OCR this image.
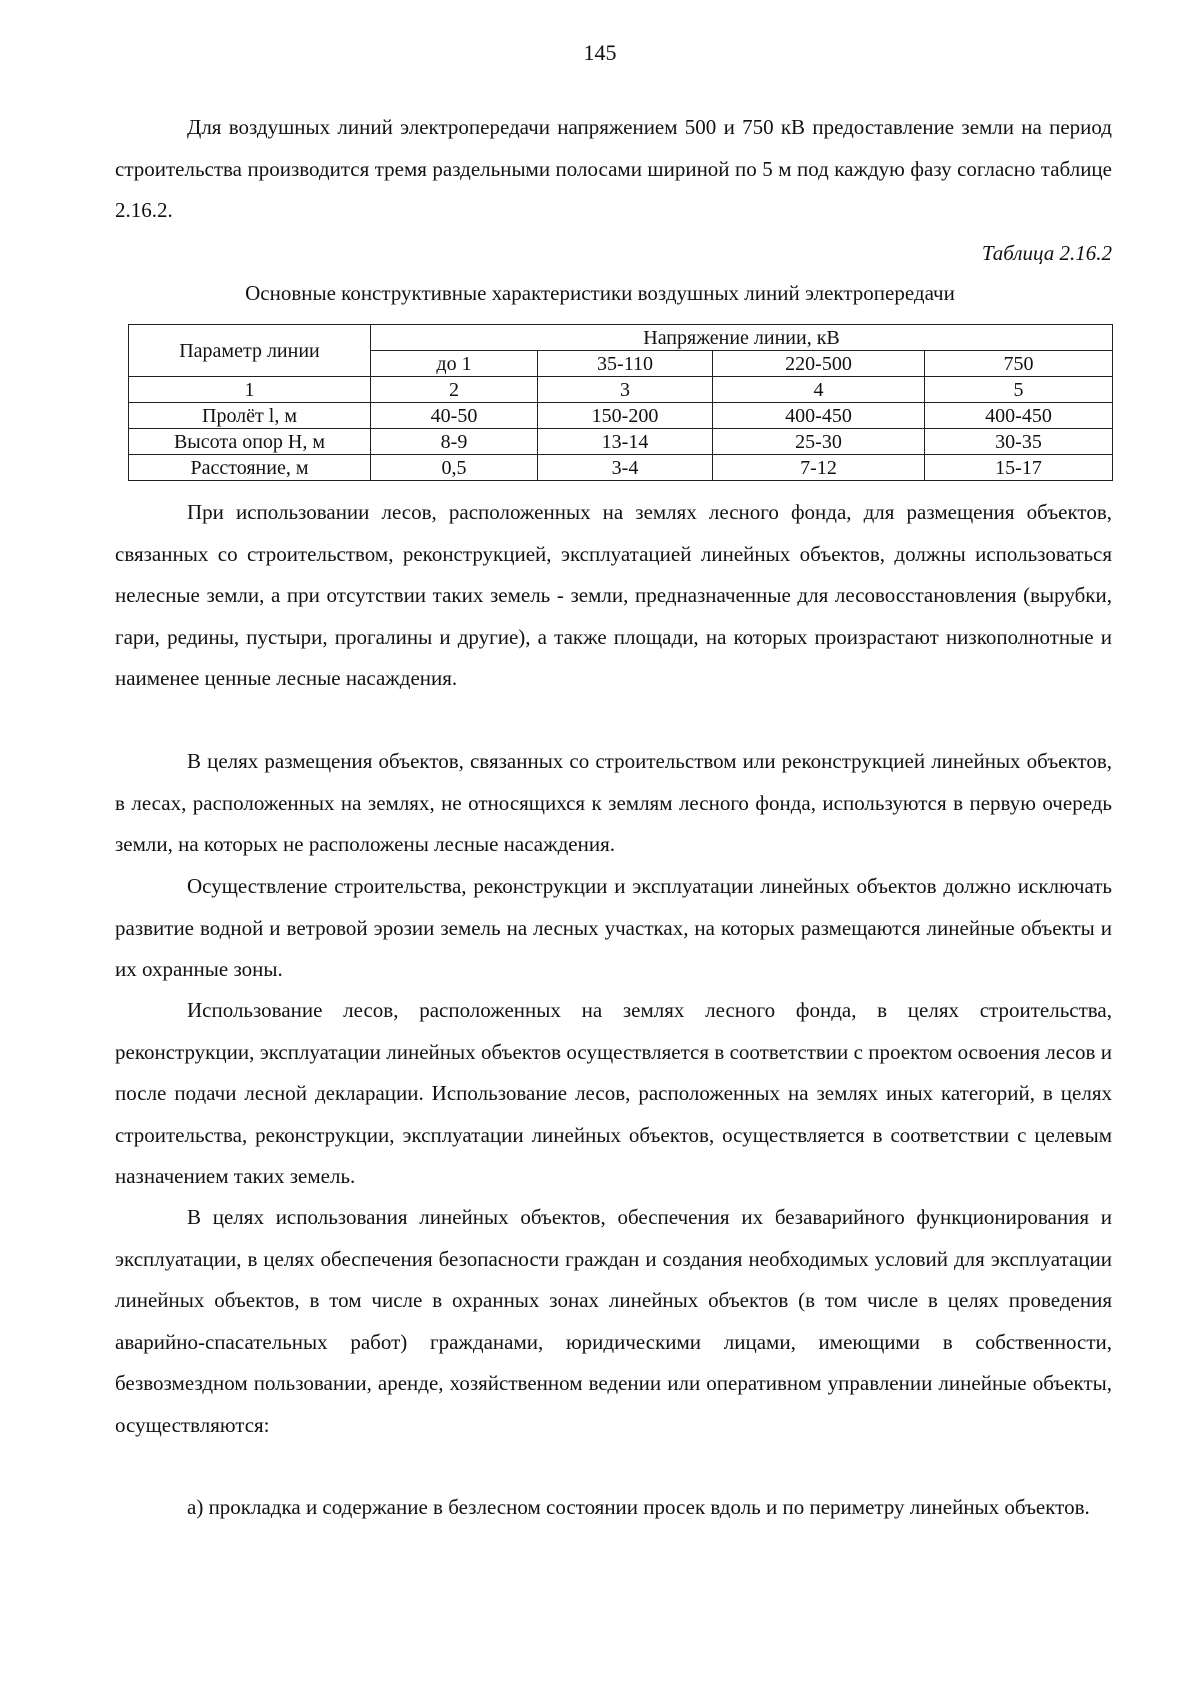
145

Для воздушных линий электропередачи напряжением 500 и 750 кВ предоставление земли на период строительства производится тремя раздельными полосами шириной по 5 м под каждую фазу согласно таблице 2.16.2.

Таблица 2.16.2
Основные конструктивные характеристики воздушных линий электропередачи
Параметр линии	Напряжение линии, кВ			
	до 1	35-110	220-500	750
1	2	3	4	5
Пролёт l, м	40-50	150-200	400-450	400-450
Высота опор H, м	8-9	13-14	25-30	30-35
Расстояние, м	0,5	3-4	7-12	15-17

При использовании лесов, расположенных на землях лесного фонда, для размещения объектов, связанных со строительством, реконструкцией, эксплуатацией линейных объектов, должны использоваться нелесные земли, а при отсутствии таких земель - земли, предназначенные для лесовосстановления (вырубки, гари, редины, пустыри, прогалины и другие), а также площади, на которых произрастают низкополнотные и наименее ценные лесные насаждения.

В целях размещения объектов, связанных со строительством или реконструкцией линейных объектов, в лесах, расположенных на землях, не относящихся к землям лесного фонда, используются в первую очередь земли, на которых не расположены лесные насаждения.

Осуществление строительства, реконструкции и эксплуатации линейных объектов должно исключать развитие водной и ветровой эрозии земель на лесных участках, на которых размещаются линейные объекты и их охранные зоны.

Использование лесов, расположенных на землях лесного фонда, в целях строительства, реконструкции, эксплуатации линейных объектов осуществляется в соответствии с проектом освоения лесов и после подачи лесной декларации. Использование лесов, расположенных на землях иных категорий, в целях строительства, реконструкции, эксплуатации линейных объектов, осуществляется в соответствии с целевым назначением таких земель.

В целях использования линейных объектов, обеспечения их безаварийного функционирования и эксплуатации, в целях обеспечения безопасности граждан и создания необходимых условий для эксплуатации линейных объектов, в том числе в охранных зонах линейных объектов (в том числе в целях проведения аварийно-спасательных работ) гражданами, юридическими лицами, имеющими в собственности, безвозмездном пользовании, аренде, хозяйственном ведении или оперативном управлении линейные объекты, осуществляются:

а) прокладка и содержание в безлесном состоянии просек вдоль и по периметру линейных объектов.
